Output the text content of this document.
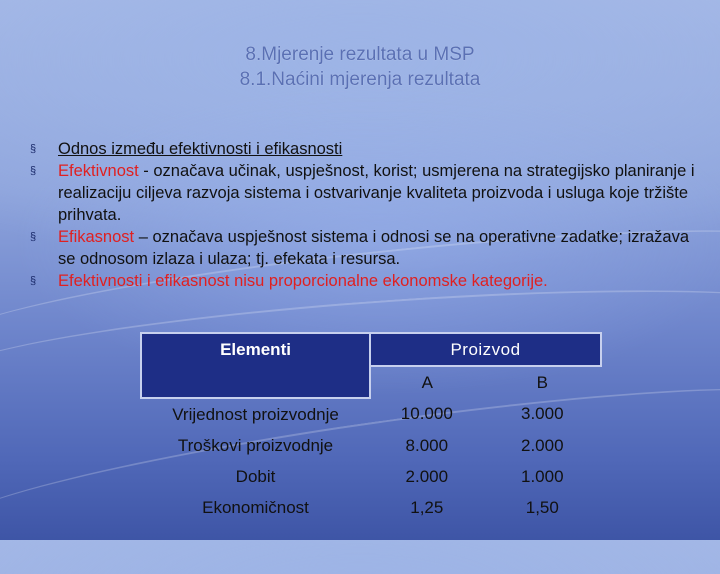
8.Mjerenje rezultata u MSP
8.1.Naćini mjerenja rezultata
§ Odnos između efektivnosti i efikasnosti
§ Efektivnost - označava učinak, uspješnost, korist; usmjerena na strategijsko planiranje i realizaciju ciljeva razvoja sistema i ostvarivanje kvaliteta proizvoda i usluga koje tržište prihvata.
§ Efikasnost – označava uspješnost sistema i odnosi se na operativne zadatke; izražava se odnosom izlaza i ulaza; tj. efekata i resursa.
§ Efektivnosti i efikasnost nisu proporcionalne ekonomske kategorije.
Elementi	Proizvod	
	A	B
Vrijednost proizvodnje	10.000	3.000
Troškovi proizvodnje	8.000	2.000
Dobit	2.000	1.000
Ekonomičnost	1,25	1,50
